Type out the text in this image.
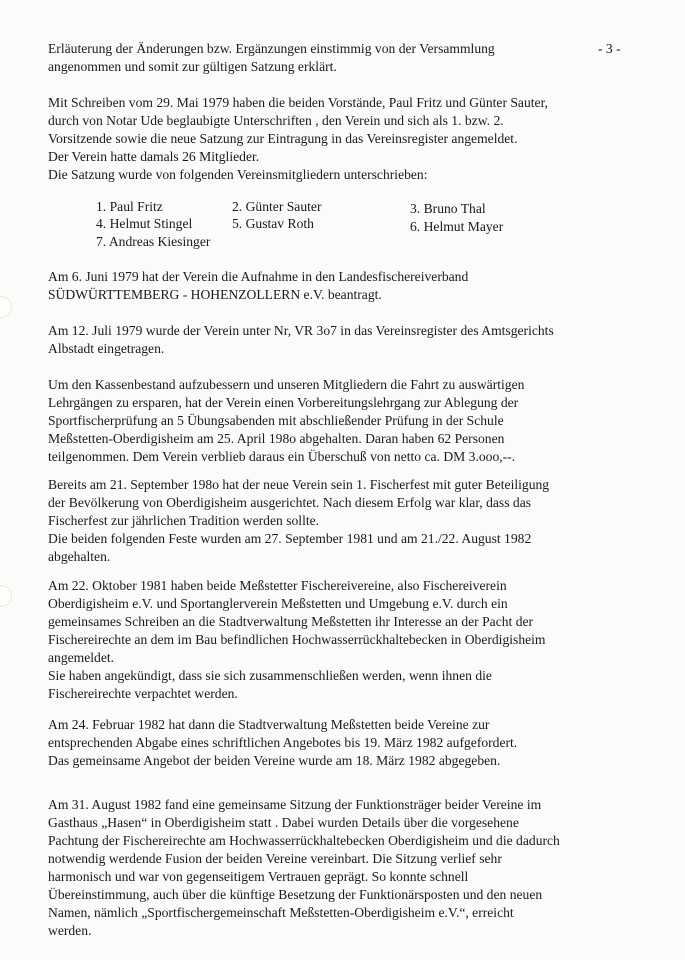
- 3 -

Erläuterung der Änderungen bzw. Ergänzungen einstimmig von der Versammlung

angenommen und somit zur gültigen Satzung erklärt.

Mit Schreiben vom 29. Mai 1979 haben die beiden Vorstände, Paul Fritz und Günter Sauter,

durch von Notar Ude beglaubigte Unterschriften , den Verein und sich als 1. bzw. 2.

Vorsitzende sowie die neue Satzung zur Eintragung in das Vereinsregister angemeldet.

Der Verein hatte damals 26 Mitglieder.

Die Satzung wurde von folgenden Vereinsmitgliedern unterschrieben:

1. Paul Fritz	2. Günter Sauter	3. Bruno Thal
4. Helmut Stingel	5. Gustav Roth	6. Helmut Mayer
7. Andreas Kiesinger

Am 6. Juni 1979 hat der Verein die Aufnahme in den Landesfischereiverband

SÜDWÜRTTEMBERG - HOHENZOLLERN e.V. beantragt.

Am 12. Juli 1979 wurde der Verein unter Nr, VR 3o7 in das Vereinsregister des Amtsgerichts

Albstadt eingetragen.

Um den Kassenbestand aufzubessern und unseren Mitgliedern die Fahrt zu auswärtigen

Lehrgängen zu ersparen, hat der Verein einen Vorbereitungslehrgang zur Ablegung der

Sportfischerprüfung an 5 Übungsabenden mit abschließender Prüfung in der Schule

Meßstetten-Oberdigisheim am 25. April 198o abgehalten. Daran haben 62 Personen

teilgenommen. Dem Verein verblieb daraus ein Überschuß von netto ca. DM 3.ooo,--.

Bereits am 21. September 198o hat der neue Verein sein 1. Fischerfest mit guter Beteiligung

der Bevölkerung von Oberdigisheim ausgerichtet. Nach diesem Erfolg war klar, dass das

Fischerfest zur jährlichen Tradition werden sollte.

Die beiden folgenden Feste wurden am 27. September 1981 und am 21./22. August 1982

abgehalten.

Am 22. Oktober 1981 haben beide Meßstetter Fischereivereine, also Fischereiverein

Oberdigisheim e.V. und Sportanglerverein Meßstetten und Umgebung e.V. durch ein

gemeinsames Schreiben an die Stadtverwaltung Meßstetten ihr Interesse an der Pacht der

Fischereirechte an dem im Bau befindlichen Hochwasserrückhaltebecken in Oberdigisheim

angemeldet.

Sie haben angekündigt, dass sie sich zusammenschließen werden, wenn ihnen die

Fischereirechte verpachtet werden.

Am 24. Februar 1982 hat dann die Stadtverwaltung Meßstetten beide Vereine zur

entsprechenden Abgabe eines schriftlichen Angebotes bis 19. März 1982 aufgefordert.

Das gemeinsame Angebot der beiden Vereine wurde am 18. März 1982 abgegeben.

Am 31. August 1982 fand eine gemeinsame Sitzung der Funktionsträger beider Vereine im

Gasthaus „Hasen“ in Oberdigisheim statt . Dabei wurden Details über die vorgesehene

Pachtung der Fischereirechte am Hochwasserrückhaltebecken Oberdigisheim und die dadurch

notwendig werdende Fusion der beiden Vereine vereinbart. Die Sitzung verlief sehr

harmonisch und war von gegenseitigem Vertrauen geprägt. So konnte schnell

Übereinstimmung, auch über die künftige Besetzung der Funktionärsposten und den neuen

Namen, nämlich „Sportfischergemeinschaft Meßstetten-Oberdigisheim e.V.“, erreicht

werden.
